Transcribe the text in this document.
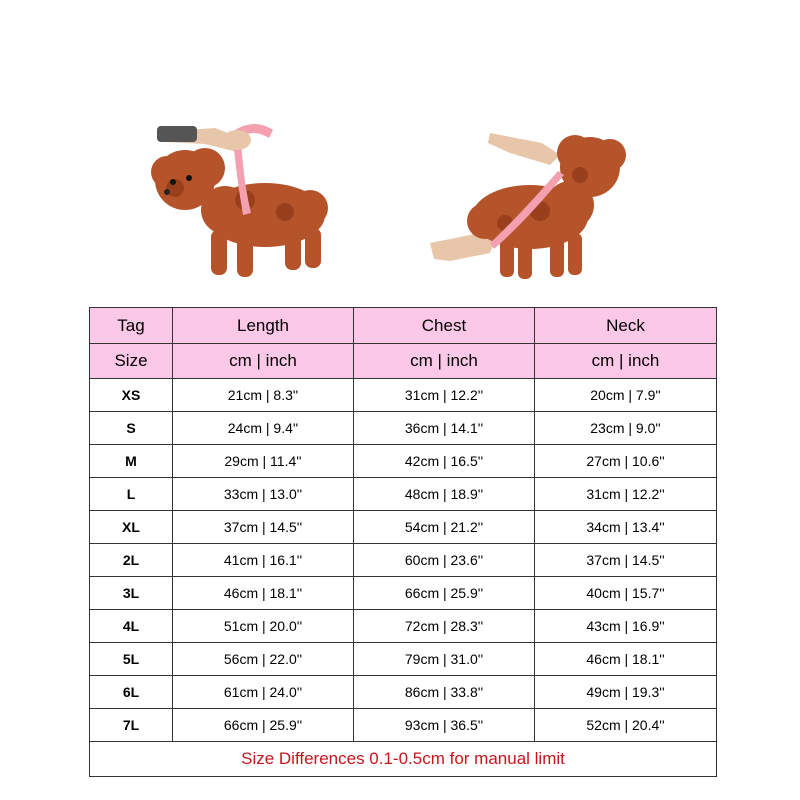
Tag	Length	Chest	Neck
Size	cm | inch	cm | inch	cm | inch
XS	21cm | 8.3''	31cm | 12.2''	20cm | 7.9''
S	24cm | 9.4''	36cm | 14.1''	23cm | 9.0''
M	29cm | 11.4''	42cm | 16.5''	27cm | 10.6''
L	33cm | 13.0''	48cm | 18.9''	31cm | 12.2''
XL	37cm | 14.5''	54cm | 21.2''	34cm | 13.4''
2L	41cm | 16.1''	60cm | 23.6''	37cm | 14.5''
3L	46cm | 18.1''	66cm | 25.9''	40cm | 15.7''
4L	51cm | 20.0''	72cm | 28.3''	43cm | 16.9''
5L	56cm | 22.0''	79cm | 31.0''	46cm | 18.1''
6L	61cm | 24.0''	86cm | 33.8''	49cm | 19.3''
7L	66cm | 25.9''	93cm | 36.5''	52cm | 20.4''
Size Differences 0.1-0.5cm for manual limit			
